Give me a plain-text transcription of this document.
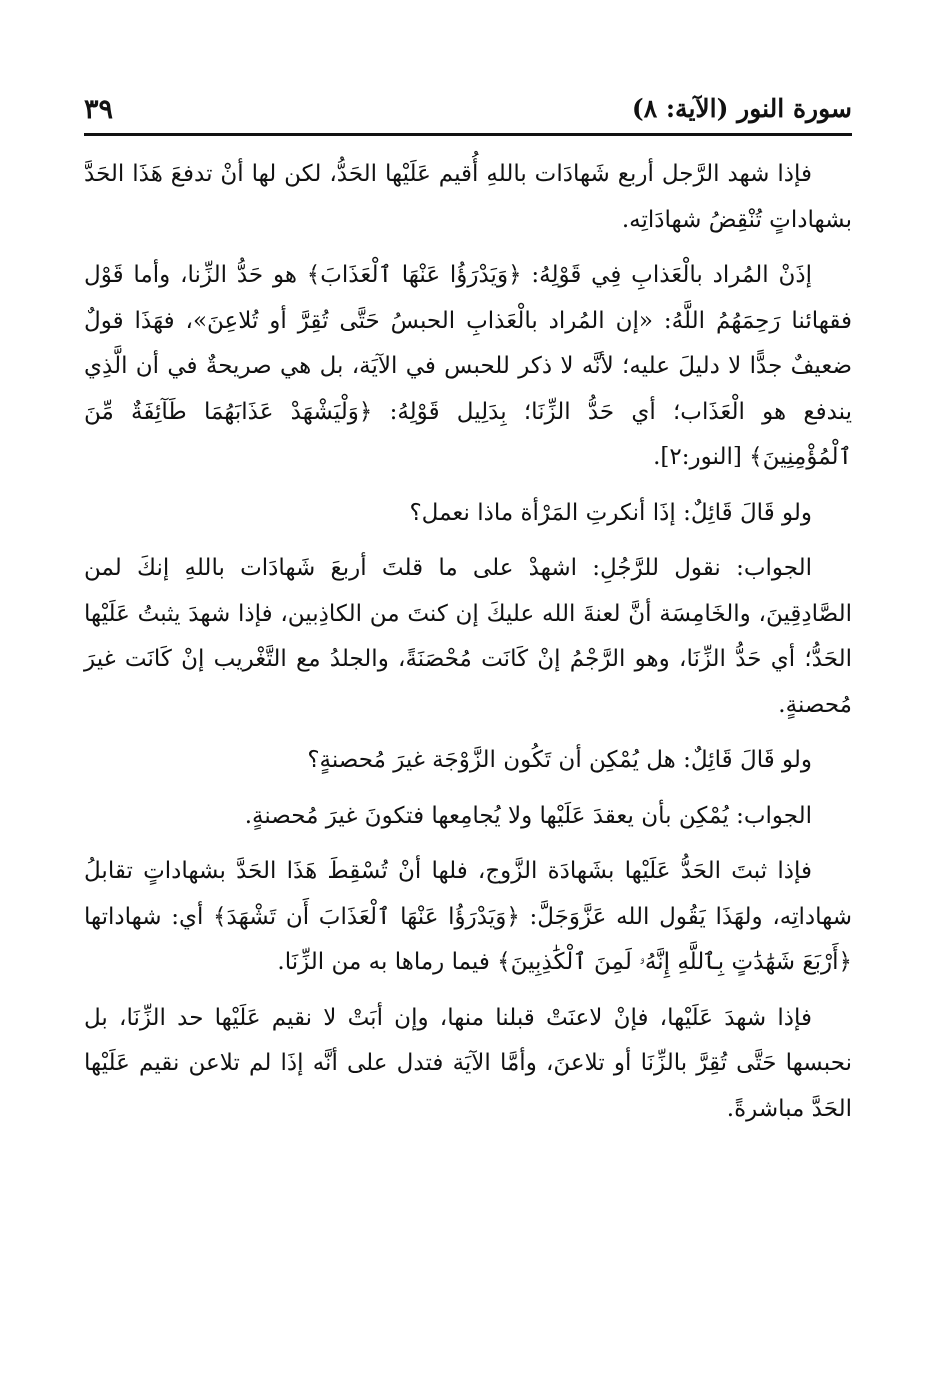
سورة النور (الآية: ٨)
٣٩

فإذا شهد الرَّجل أربع شَهادَات باللهِ أُقيم عَلَيْها الحَدُّ، لكن لها أنْ تدفعَ هَذَا الحَدَّ بشهاداتٍ تُنْقِضُ شهادَاتِه.

إذَنْ المُراد بالْعَذابِ فِي قَوْلِهُ: ﴿وَيَدْرَؤُا عَنْهَا ٱلْعَذَابَ﴾ هو حَدُّ الزِّنا، وأما قَوْل فقهائنا رَحِمَهُمُ اللَّهُ: «إن المُراد بالْعَذابِ الحبسُ حَتَّى تُقِرَّ أو تُلاعِنَ»، فهَذَا قولٌ ضعيفٌ جدًّا لا دليلَ عليه؛ لأنَّه لا ذكر للحبس في الآيَة، بل هي صريحةٌ في أن الَّذِي يندفع هو الْعَذَاب؛ أي حَدُّ الزِّنَا؛ بِدَلِيل قَوْلِهُ: ﴿وَلْيَشْهَدْ عَذَابَهُمَا طَآئِفَةٌ مِّنَ ٱلْمُؤْمِنِينَ﴾ [النور:٢].

ولو قَالَ قَائِلٌ: إذَا أنكرتِ المَرْأة ماذا نعمل؟

الجواب: نقول للرَّجُلِ: اشهدْ على ما قلتَ أربعَ شَهادَات باللهِ إنكَ لمن الصَّادِقِينَ، والخَامِسَة أنَّ لعنةَ الله عليكَ إن كنتَ من الكاذِبين، فإذا شهدَ يثبتُ عَلَيْها الحَدُّ؛ أي حَدُّ الزِّنَا، وهو الرَّجْمُ إنْ كَانَت مُحْصَنَةً، والجلدُ مع التَّغْريب إنْ كَانَت غيرَ مُحصنةٍ.

ولو قَالَ قَائِلٌ: هل يُمْكِن أن تَكُون الزَّوْجَة غيرَ مُحصنةٍ؟

الجواب: يُمْكِن بأن يعقدَ عَلَيْها ولا يُجامِعها فتكونَ غيرَ مُحصنةٍ.

فإذا ثبتَ الحَدُّ عَلَيْها بشَهادَة الزَّوج، فلها أنْ تُسْقِطَ هَذَا الحَدَّ بشهاداتٍ تقابلُ شهاداتِه، ولهَذَا يَقُول الله عَزَّوَجَلَّ: ﴿وَيَدْرَؤُا عَنْهَا ٱلْعَذَابَ أَن تَشْهَدَ﴾ أي: شهاداتها ﴿أَرْبَعَ شَهَٰدَٰتٍ بِٱللَّهِ إِنَّهُۥ لَمِنَ ٱلْكَٰذِبِينَ﴾ فيما رماها به من الزِّنَا.

فإذا شهدَ عَلَيْها، فإنْ لاعنَتْ قبلنا منها، وإن أبَتْ لا نقيم عَلَيْها حد الزِّنَا، بل نحبسها حَتَّى تُقِرَّ بالزِّنَا أو تلاعنَ، وأمَّا الآيَة فتدل على أنَّه إذَا لم تلاعن نقيم عَلَيْها الحَدَّ مباشرةً.
